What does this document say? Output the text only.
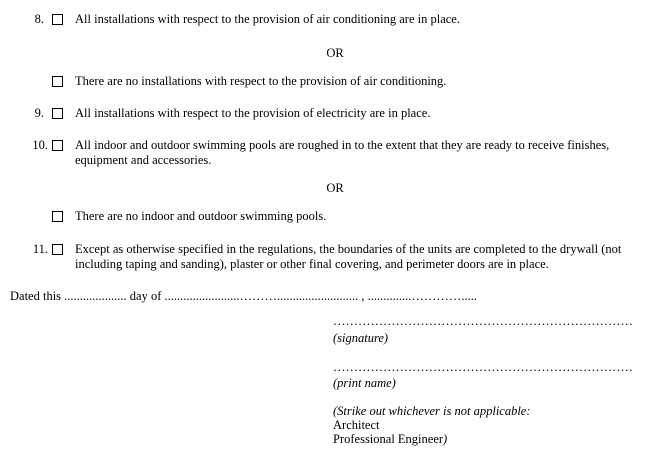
8. All installations with respect to the provision of air conditioning are in place.
OR
There are no installations with respect to the provision of air conditioning.
9. All installations with respect to the provision of electricity are in place.
10. All indoor and outdoor swimming pools are roughed in to the extent that they are ready to receive finishes, equipment and accessories.
OR
There are no indoor and outdoor swimming pools.
11. Except as otherwise specified in the regulations, the boundaries of the units are completed to the drywall (not including taping and sanding), plaster or other final covering, and perimeter doors are in place.
Dated this .................... day of ........................……….......................... , ..............………….....
………………………………………………………………
(signature)
………………………………………………………………
(print name)
(Strike out whichever is not applicable:
Architect
Professional Engineer)
